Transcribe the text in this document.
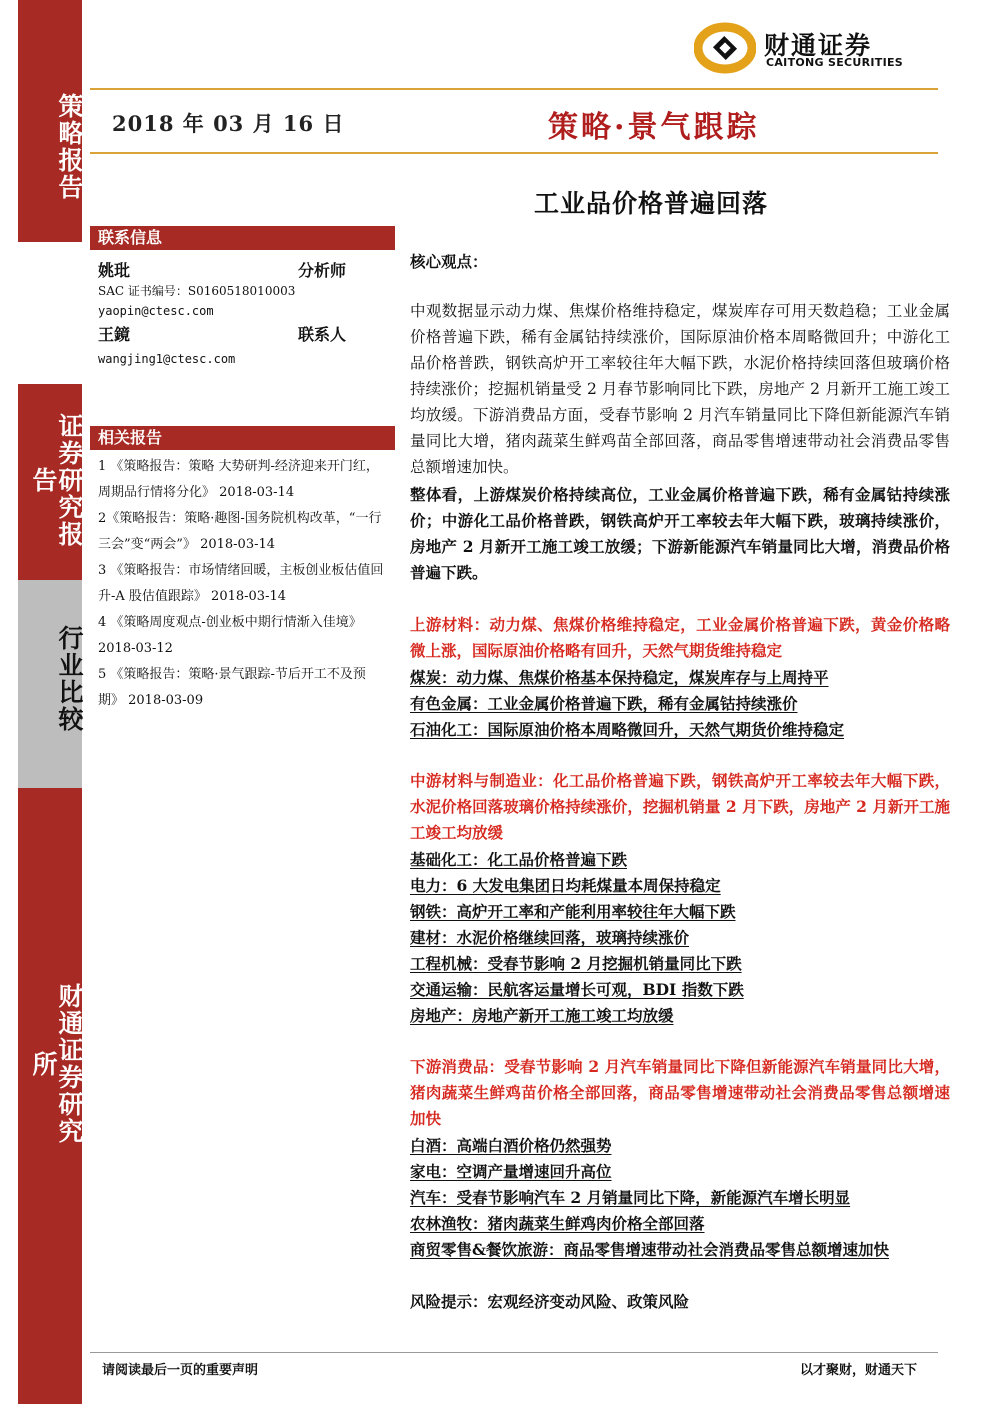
策略报告
证券研究报告
行业比较
财通证券研究所
财通证券
CAITONG SECURITIES
2018 年 03 月 16 日	策略·景气跟踪
工业品价格普遍回落
联系信息
姚玭	分析师
SAC 证书编号：S0160518010003
yaopin@ctesc.com
王鏡	联系人
wangjing1@ctesc.com
相关报告

1 《策略报告：策略 大势研判-经济迎来开门红，周期品行情将分化》 2018-03-14

2《策略报告：策略·趣图-国务院机构改革，“一行三会”变“两会”》 2018-03-14

3 《策略报告：市场情绪回暖，主板创业板估值回升-A 股估值跟踪》 2018-03-14

4 《策略周度观点-创业板中期行情渐入佳境》 2018-03-12

5 《策略报告：策略·景气跟踪-节后开工不及预期》 2018-03-09

核心观点：
中观数据显示动力煤、焦煤价格维持稳定，煤炭库存可用天数趋稳；工业金属价格普遍下跌，稀有金属钴持续涨价，国际原油价格本周略微回升；中游化工品价格普跌，钢铁高炉开工率较往年大幅下跌，水泥价格持续回落但玻璃价格持续涨价；挖掘机销量受 2 月春节影响同比下跌，房地产 2 月新开工施工竣工均放缓。下游消费品方面，受春节影响 2 月汽车销量同比下降但新能源汽车销量同比大增，猪肉蔬菜生鲜鸡苗全部回落，商品零售增速带动社会消费品零售总额增速加快。
整体看，上游煤炭价格持续高位，工业金属价格普遍下跌，稀有金属钴持续涨价；中游化工品价格普跌，钢铁高炉开工率较去年大幅下跌，玻璃持续涨价，房地产 2 月新开工施工竣工放缓；下游新能源汽车销量同比大增，消费品价格普遍下跌。
上游材料：动力煤、焦煤价格维持稳定，工业金属价格普遍下跌，黄金价格略微上涨，国际原油价格略有回升，天然气期货维持稳定
煤炭：动力煤、焦煤价格基本保持稳定，煤炭库存与上周持平
有色金属：工业金属价格普遍下跌，稀有金属钴持续涨价
石油化工：国际原油价格本周略微回升，天然气期货价维持稳定
中游材料与制造业：化工品价格普遍下跌，钢铁高炉开工率较去年大幅下跌，水泥价格回落玻璃价格持续涨价，挖掘机销量 2 月下跌，房地产 2 月新开工施工竣工均放缓
基础化工：化工品价格普遍下跌
电力：6 大发电集团日均耗煤量本周保持稳定
钢铁：高炉开工率和产能利用率较往年大幅下跌
建材：水泥价格继续回落，玻璃持续涨价
工程机械：受春节影响 2 月挖掘机销量同比下跌
交通运输：民航客运量增长可观，BDI 指数下跌
房地产：房地产新开工施工竣工均放缓
下游消费品：受春节影响 2 月汽车销量同比下降但新能源汽车销量同比大增，猪肉蔬菜生鲜鸡苗价格全部回落，商品零售增速带动社会消费品零售总额增速加快
白酒：高端白酒价格仍然强势
家电：空调产量增速回升高位
汽车：受春节影响汽车 2 月销量同比下降，新能源汽车增长明显
农林渔牧：猪肉蔬菜生鲜鸡肉价格全部回落
商贸零售&餐饮旅游：商品零售增速带动社会消费品零售总额增速加快
风险提示：宏观经济变动风险、政策风险
请阅读最后一页的重要声明	以才聚财，财通天下
